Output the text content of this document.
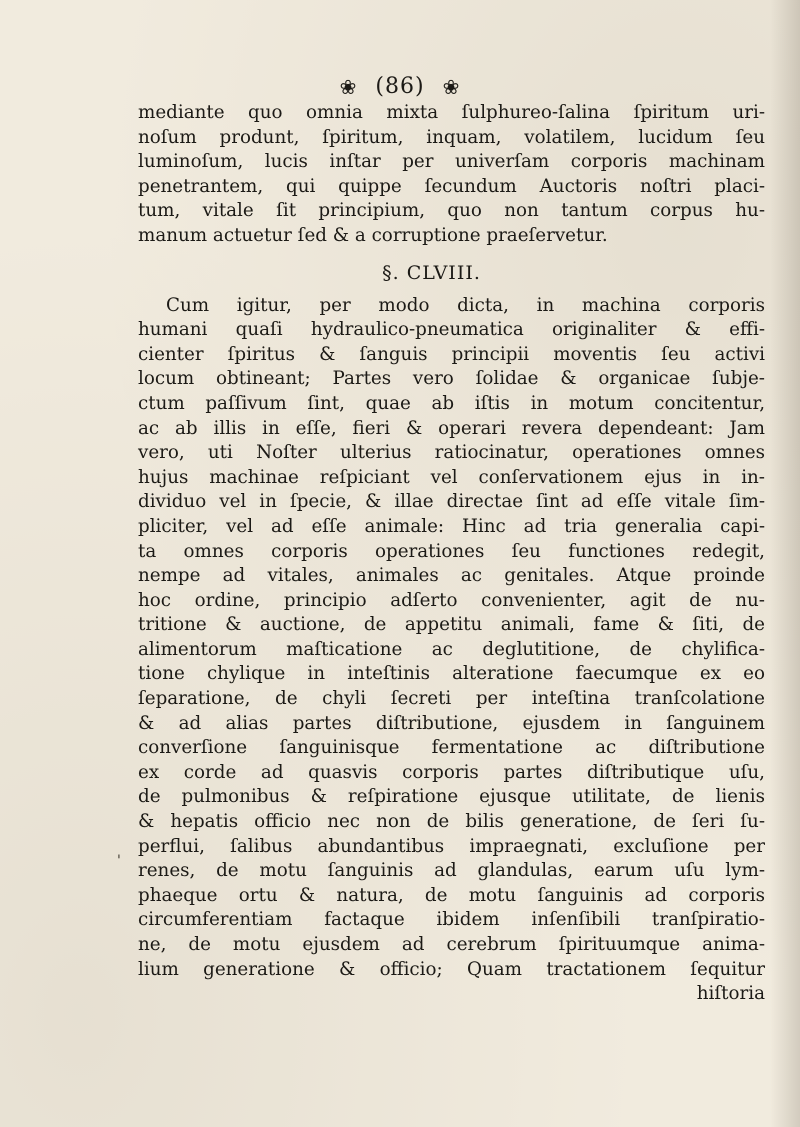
❀ (86) ❀
'
mediante quo omnia mixta ſulphureo-ſalina ſpiritum uri-
noſum produnt, ſpiritum, inquam, volatilem, lucidum ſeu
luminoſum, lucis inſtar per univerſam corporis machinam
penetrantem, qui quippe ſecundum Auctoris noſtri placi-
tum, vitale ſit principium, quo non tantum corpus hu-
manum actuetur ſed & a corruptione praeſervetur.
§. CLVIII.
Cum igitur, per modo dicta, in machina corporis
humani quaſi hydraulico-pneumatica originaliter & effi-
cienter ſpiritus & ſanguis principii moventis ſeu activi
locum obtineant; Partes vero ſolidae & organicae ſubje-
ctum paſſivum ſint, quae ab iſtis in motum concitentur,
ac ab illis in eſſe, fieri & operari revera dependeant: Jam
vero, uti Noſter ulterius ratiocinatur, operationes omnes
hujus machinae reſpiciant vel conſervationem ejus in in-
dividuo vel in ſpecie, & illae directae ſint ad eſſe vitale ſim-
pliciter, vel ad eſſe animale: Hinc ad tria generalia capi-
ta omnes corporis operationes ſeu functiones redegit,
nempe ad vitales, animales ac genitales. Atque proinde
hoc ordine, principio adſerto convenienter, agit de nu-
tritione & auctione, de appetitu animali, fame & ſiti, de
alimentorum maſticatione ac deglutitione, de chylifica-
tione chylique in inteſtinis alteratione faecumque ex eo
ſeparatione, de chyli ſecreti per inteſtina tranſcolatione
& ad alias partes diſtributione, ejusdem in ſanguinem
converſione ſanguinisque fermentatione ac diſtributione
ex corde ad quasvis corporis partes diſtributique uſu,
de pulmonibus & reſpiratione ejusque utilitate, de lienis
& hepatis officio nec non de bilis generatione, de ſeri ſu-
perflui, ſalibus abundantibus impraegnati, excluſione per
renes, de motu ſanguinis ad glandulas, earum uſu lym-
phaeque ortu & natura, de motu ſanguinis ad corporis
circumferentiam factaque ibidem inſenſibili tranſpiratio-
ne, de motu ejusdem ad cerebrum ſpirituumque anima-
lium generatione & officio; Quam tractationem ſequitur
hiſtoria
